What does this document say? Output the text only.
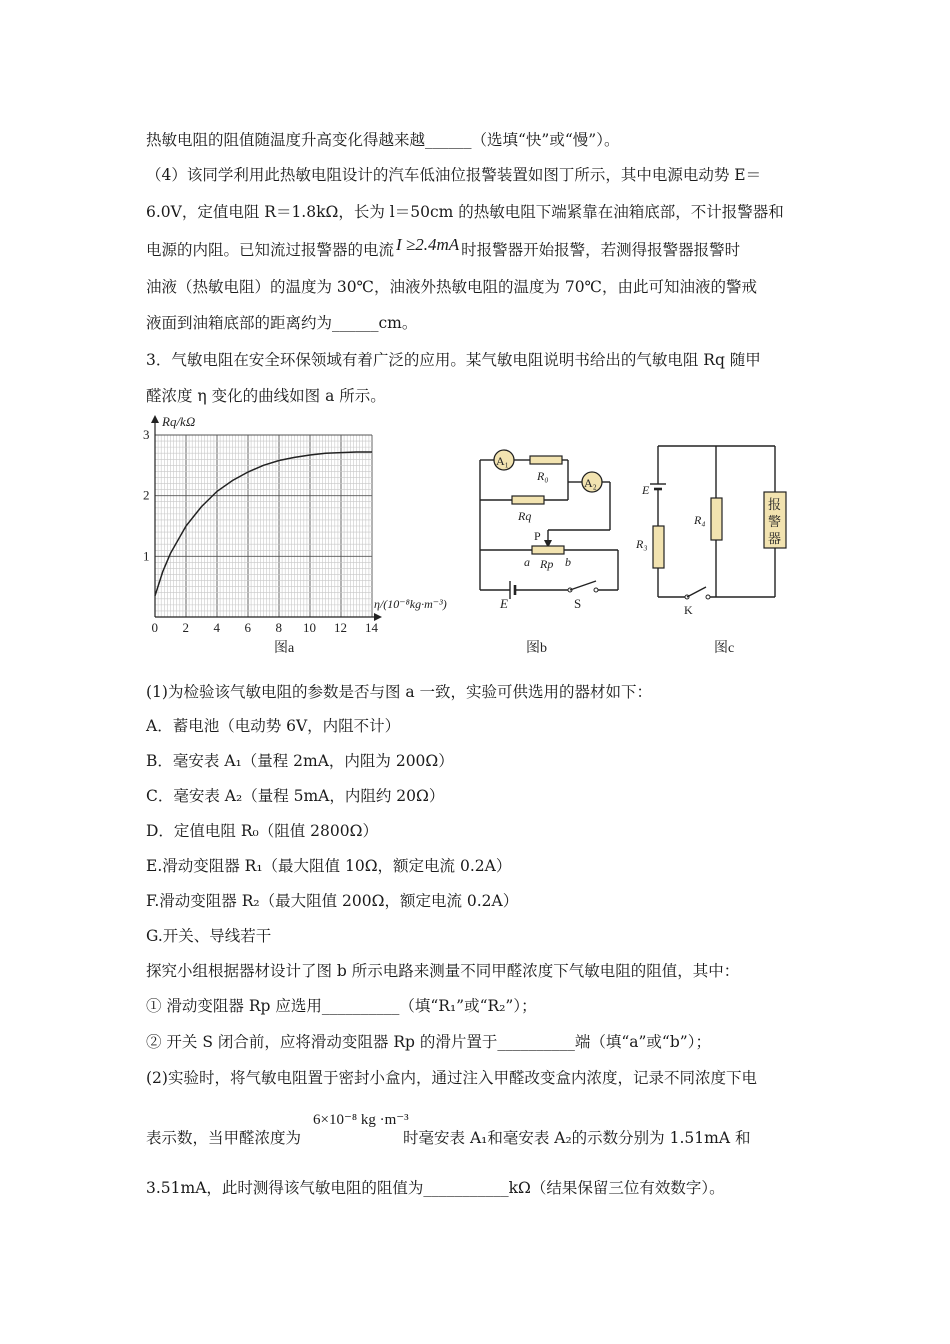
热敏电阻的阻值随温度升高变化得越来越______（选填“快”或“慢”）。
（4）该同学利用此热敏电阻设计的汽车低油位报警装置如图丁所示，其中电源电动势 E＝
6.0V，定值电阻 R＝1.8kΩ，长为 l＝50cm 的热敏电阻下端紧靠在油箱底部，不计报警器和
电源的内阻。已知流过报警器的电流 I ≥2.4mA 时报警器开始报警，若测得报警器报警时
油液（热敏电阻）的温度为 30℃，油液外热敏电阻的温度为 70℃，由此可知油液的警戒
液面到油箱底部的距离约为______cm。
3．气敏电阻在安全环保领域有着广泛的应用。某气敏电阻说明书给出的气敏电阻 Rq 随甲
醛浓度 η 变化的曲线如图 a 所示。
0 2 4 6 8 10 12 14
1
2
3
Rq/kΩ
η/(10⁻⁸kg·m⁻³)
图a
A₁
R₀	A₂
Rq
P
a	b
Rp
E	S
图b
E
R₃
K
R₄
报
警
器
图c
(1)为检验该气敏电阻的参数是否与图 a 一致，实验可供选用的器材如下：
A．蓄电池（电动势 6V，内阻不计）
B．毫安表 A₁（量程 2mA，内阻为 200Ω）
C．毫安表 A₂（量程 5mA，内阻约 20Ω）
D．定值电阻 R₀（阻值 2800Ω）
E.滑动变阻器 R₁（最大阻值 10Ω，额定电流 0.2A）
F.滑动变阻器 R₂（最大阻值 200Ω，额定电流 0.2A）
G.开关、导线若干
探究小组根据器材设计了图 b 所示电路来测量不同甲醛浓度下气敏电阻的阻值，其中：
① 滑动变阻器 Rp 应选用__________（填“R₁”或“R₂”）；
② 开关 S 闭合前，应将滑动变阻器 Rp 的滑片置于__________端（填“a”或“b”）；
(2)实验时，将气敏电阻置于密封小盒内，通过注入甲醛改变盒内浓度，记录不同浓度下电
6×10⁻⁸ kg ·m⁻³
表示数，当甲醛浓度为	时毫安表 A₁和毫安表 A₂的示数分别为 1.51mA 和
3.51mA，此时测得该气敏电阻的阻值为___________kΩ（结果保留三位有效数字）。
